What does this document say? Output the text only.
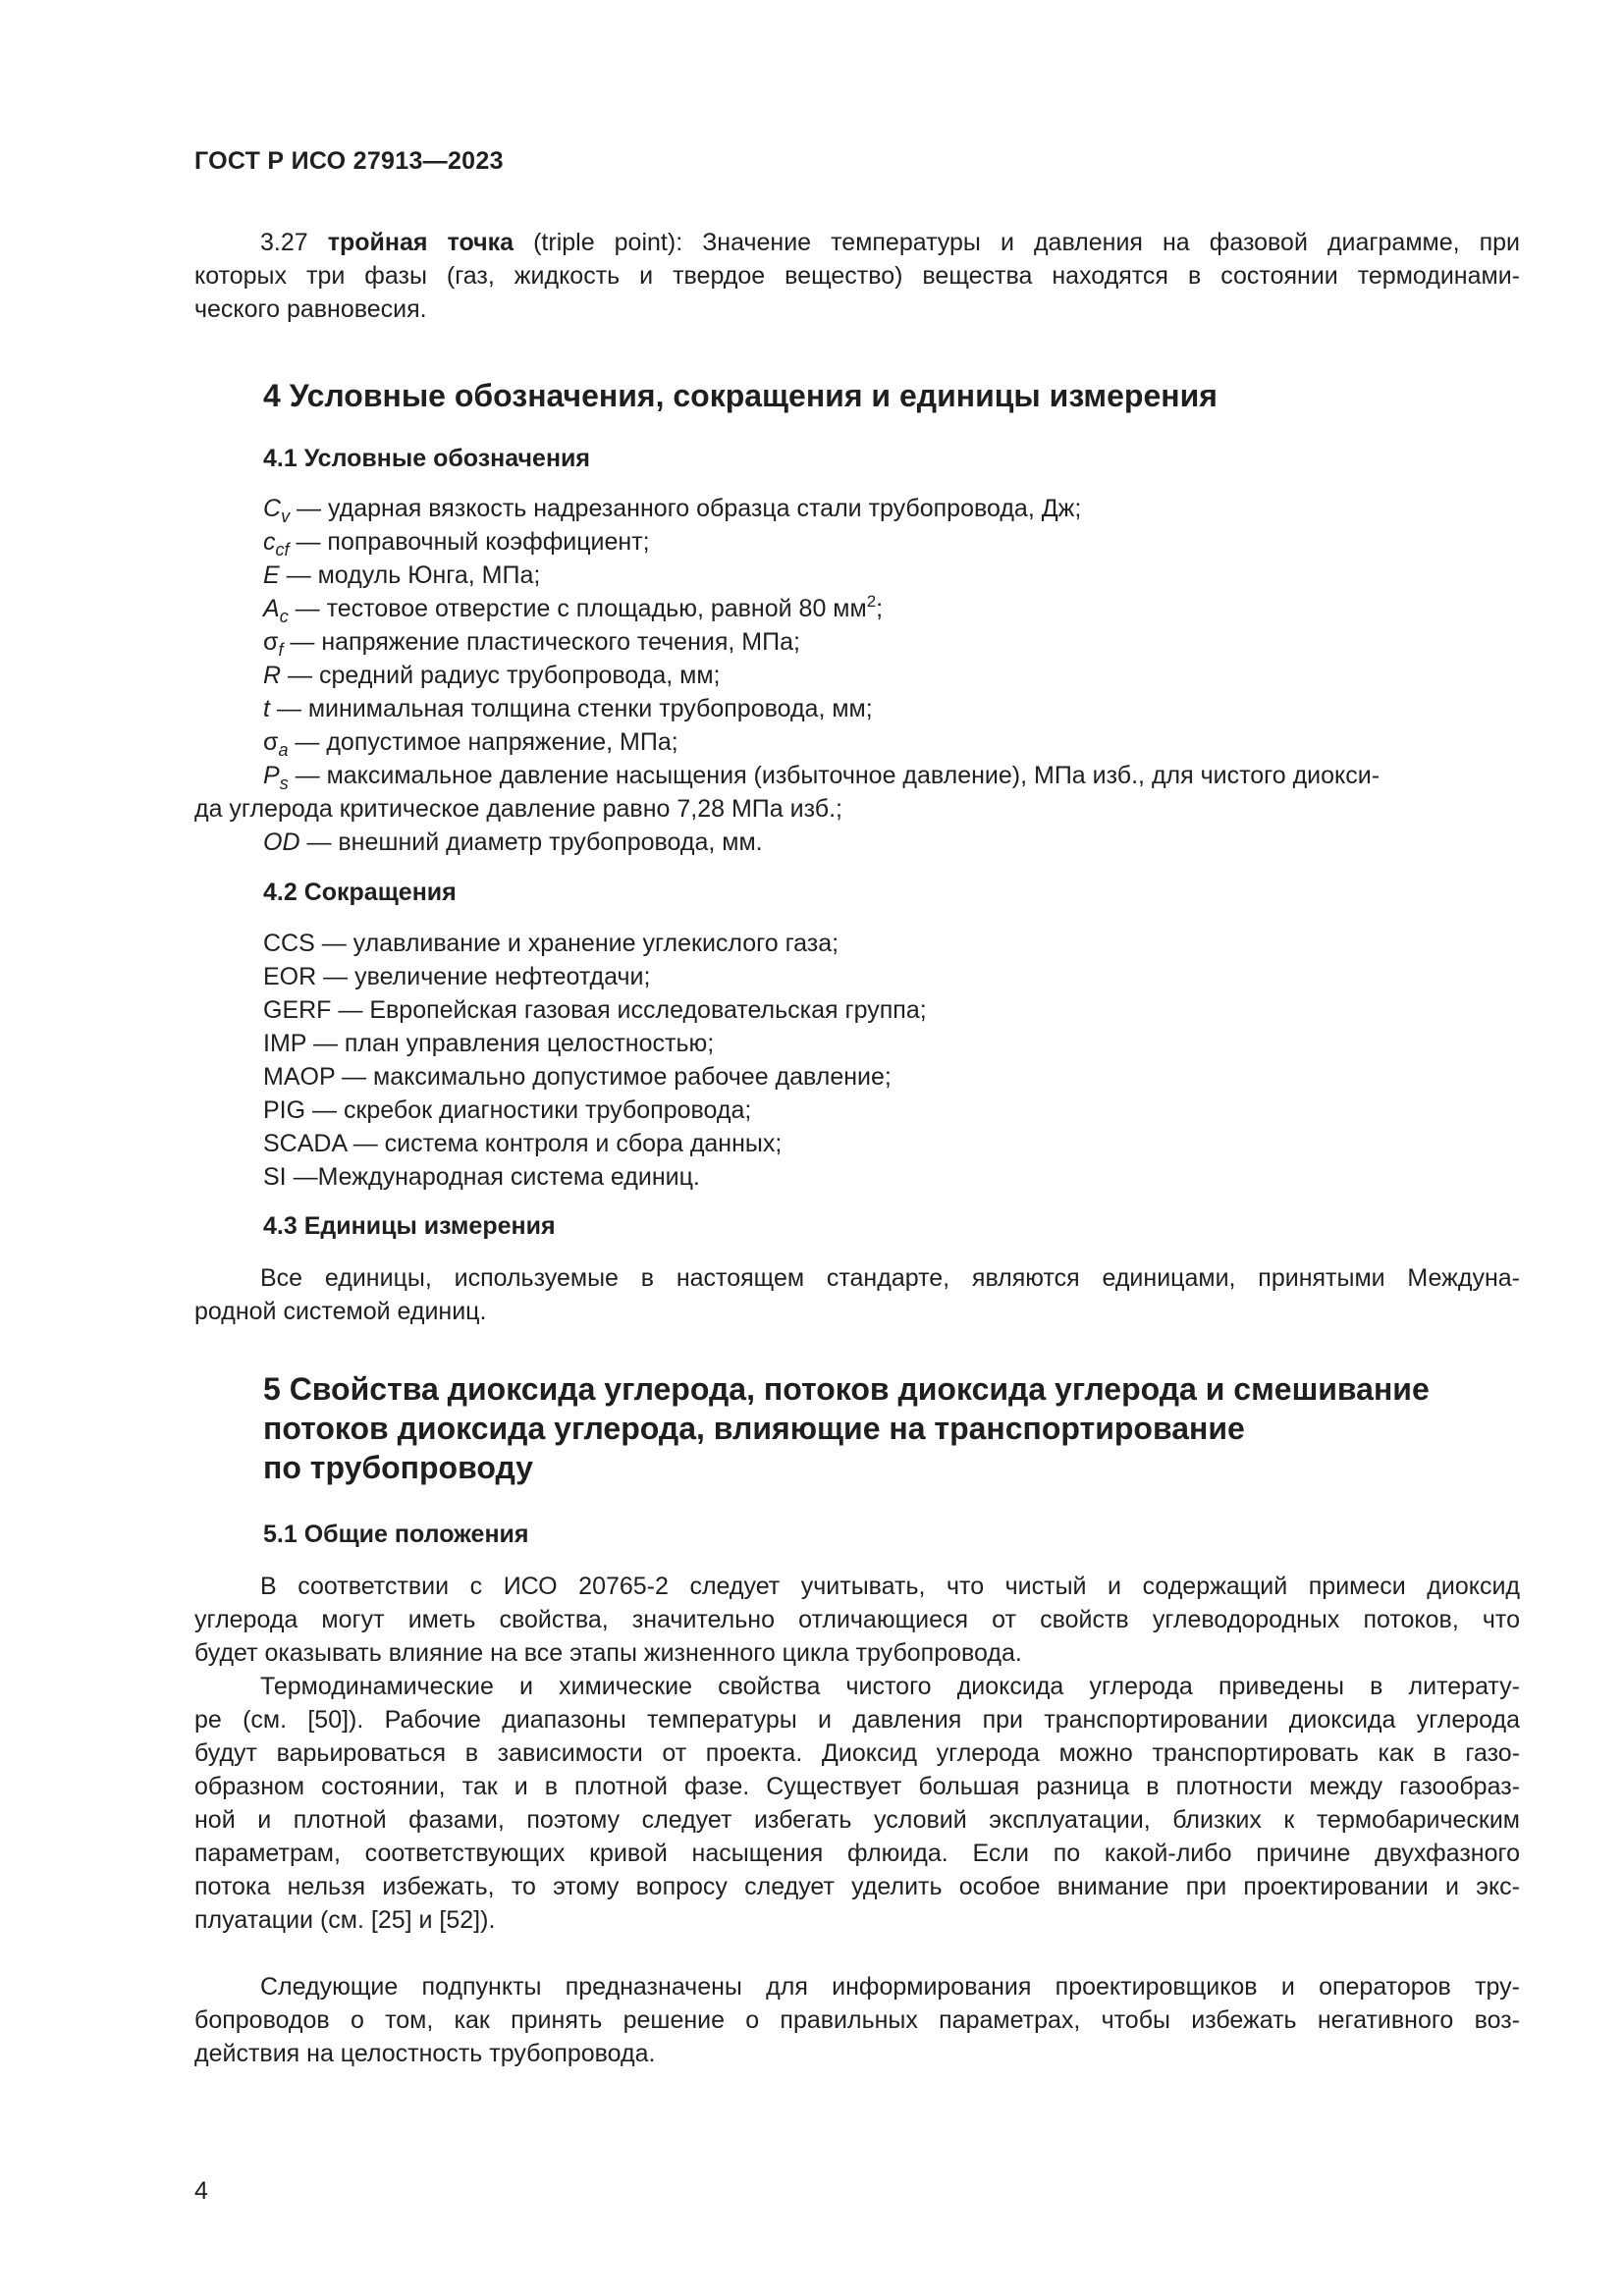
ГОСТ Р ИСО 27913—2023
3.27 тройная точка (triple point): Значение температуры и давления на фазовой диаграмме, при
которых три фазы (газ, жидкость и твердое вещество) вещества находятся в состоянии термодинами-
ческого равновесия.
4 Условные обозначения, сокращения и единицы измерения
4.1 Условные обозначения
$C_v$ — ударная вязкость надрезанного образца стали трубопровода, Дж;
$c_{cf}$ — поправочный коэффициент;
E — модуль Юнга, МПа;
$A_c$ — тестовое отверстие с площадью, равной 80 $мм^2$;
$\sigma_f$ — напряжение пластического течения, МПа;
R — средний радиус трубопровода, мм;
t — минимальная толщина стенки трубопровода, мм;
$\sigma_a$ — допустимое напряжение, МПа;
$P_s$ — максимальное давление насыщения (избыточное давление), МПа изб., для чистого диокси-
да углерода критическое давление равно 7,28 МПа изб.;
OD — внешний диаметр трубопровода, мм.
4.2 Сокращения
CCS — улавливание и хранение углекислого газа;
EOR — увеличение нефтеотдачи;
GERF — Европейская газовая исследовательская группа;
IMP — план управления целостностью;
MAOP — максимально допустимое рабочее давление;
PIG — скребок диагностики трубопровода;
SCADA — система контроля и сбора данных;
SI —Международная система единиц.
4.3 Единицы измерения
Все единицы, используемые в настоящем стандарте, являются единицами, принятыми Междуна-
родной системой единиц.
5 Свойства диоксида углерода, потоков диоксида углерода и смешивание
потоков диоксида углерода, влияющие на транспортирование
по трубопроводу
5.1 Общие положения
В соответствии с ИСО 20765-2 следует учитывать, что чистый и содержащий примеси диоксид
углерода могут иметь свойства, значительно отличающиеся от свойств углеводородных потоков, что
будет оказывать влияние на все этапы жизненного цикла трубопровода.
Термодинамические и химические свойства чистого диоксида углерода приведены в литерату-
ре (см. [50]). Рабочие диапазоны температуры и давления при транспортировании диоксида углерода
будут варьироваться в зависимости от проекта. Диоксид углерода можно транспортировать как в газо-
образном состоянии, так и в плотной фазе. Существует большая разница в плотности между газообраз-
ной и плотной фазами, поэтому следует избегать условий эксплуатации, близких к термобарическим
параметрам, соответствующих кривой насыщения флюида. Если по какой-либо причине двухфазного
потока нельзя избежать, то этому вопросу следует уделить особое внимание при проектировании и экс-
плуатации (см. [25] и [52]).
Следующие подпункты предназначены для информирования проектировщиков и операторов тру-
бопроводов о том, как принять решение о правильных параметрах, чтобы избежать негативного воз-
действия на целостность трубопровода.
4
